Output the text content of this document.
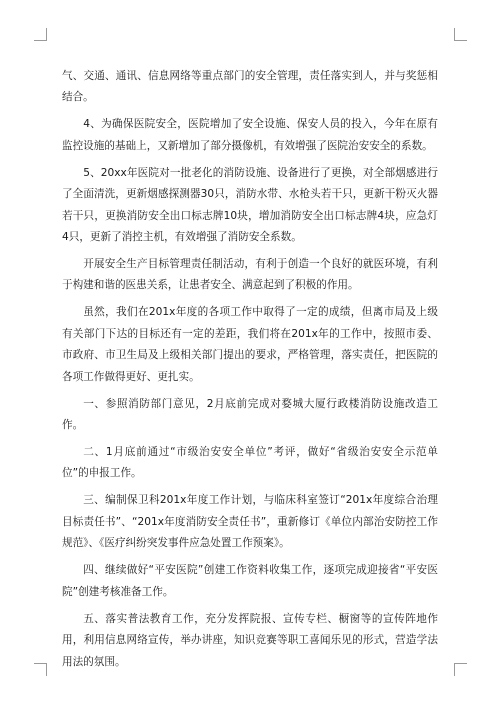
气、交通、通讯、信息网络等重点部门的安全管理，责任落实到人，并与奖惩相结合。

4、为确保医院安全，医院增加了安全设施、保安人员的投入，今年在原有监控设施的基础上，又新增加了部分摄像机，有效增强了医院治安安全的系数。

5、20xx年医院对一批老化的消防设施、设备进行了更换，对全部烟感进行了全面清洗，更新烟感探测器30只，消防水带、水枪头若干只，更新干粉灭火器若干只，更换消防安全出口标志牌10块，增加消防安全出口标志牌4块，应急灯4只，更新了消控主机，有效增强了消防安全系数。

开展安全生产目标管理责任制活动，有利于创造一个良好的就医环境，有利于构建和谐的医患关系，让患者安全、满意起到了积极的作用。

虽然，我们在201x年度的各项工作中取得了一定的成绩，但离市局及上级有关部门下达的目标还有一定的差距，我们将在201x年的工作中，按照市委、市政府、市卫生局及上级相关部门提出的要求，严格管理，落实责任，把医院的各项工作做得更好、更扎实。

一、参照消防部门意见，2月底前完成对婺城大厦行政楼消防设施改造工作。

二、1月底前通过“市级治安安全单位”考评，做好“省级治安安全示范单位”的申报工作。

三、编制保卫科201x年度工作计划，与临床科室签订“201x年度综合治理目标责任书”、“201x年度消防安全责任书”，重新修订《单位内部治安防控工作规范》、《医疗纠纷突发事件应急处置工作预案》。

四、继续做好“平安医院”创建工作资料收集工作，逐项完成迎接省“平安医院”创建考核准备工作。

五、落实普法教育工作，充分发挥院报、宣传专栏、橱窗等的宣传阵地作用，利用信息网络宣传，举办讲座，知识竞赛等职工喜闻乐见的形式，营造学法用法的氛围。
